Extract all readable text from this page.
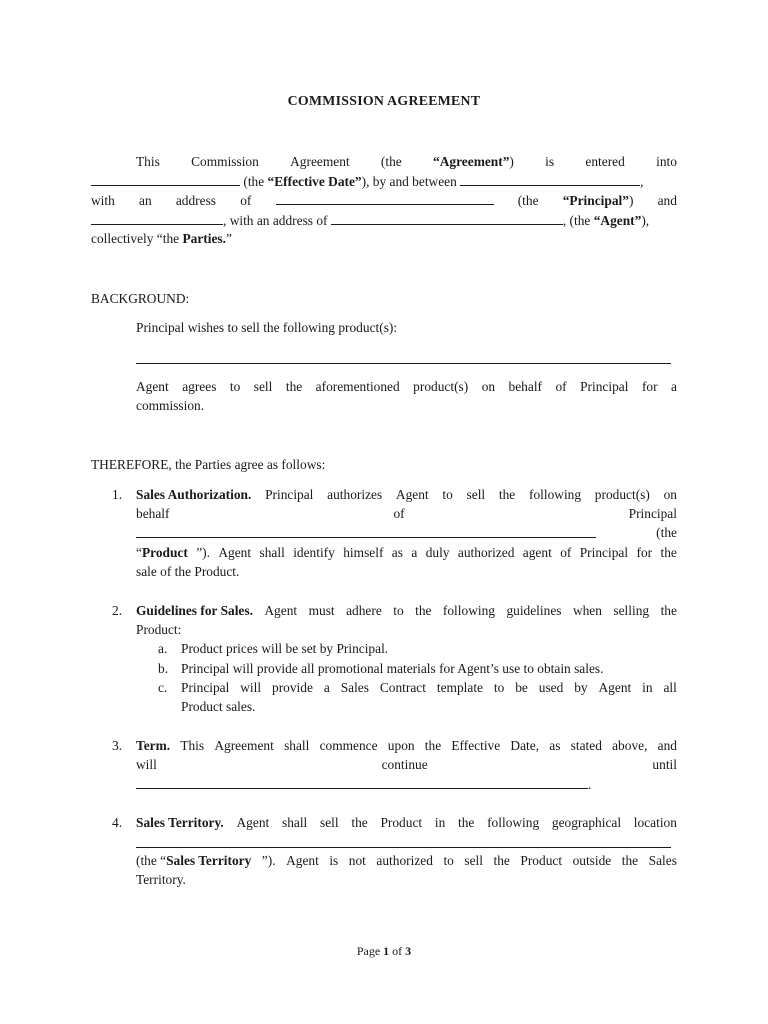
COMMISSION AGREEMENT
This Commission Agreement (the “Agreement”) is entered into
(the “Effective Date”), by and between	,
with an address of	(the “Principal”) and
, with an address of	, (the “Agent”),
collectively “the Parties.”
BACKGROUND:
Principal wishes to sell the following product(s):
Agent agrees to sell the aforementioned product(s) on behalf of Principal for a
commission.
THEREFORE, the Parties agree as follows:
1. Sales Authorization. Principal authorizes Agent to sell the following product(s) on
behalf	of	Principal
(the
“Product ”). Agent shall identify himself as a duly authorized agent of Principal for the
sale of the Product.
2. Guidelines for Sales. Agent must adhere to the following guidelines when selling the
Product:
a. Product prices will be set by Principal.
b. Principal will provide all promotional materials for Agent’s use to obtain sales.
c. Principal will provide a Sales Contract template to be used by Agent in all
Product sales.
3. Term. This Agreement shall commence upon the Effective Date, as stated above, and
will	continue	until
.
4. Sales Territory. Agent shall sell the Product in the following geographical location
(the “Sales Territory ”). Agent is not authorized to sell the Product outside the Sales
Territory.
Page 1 of 3
